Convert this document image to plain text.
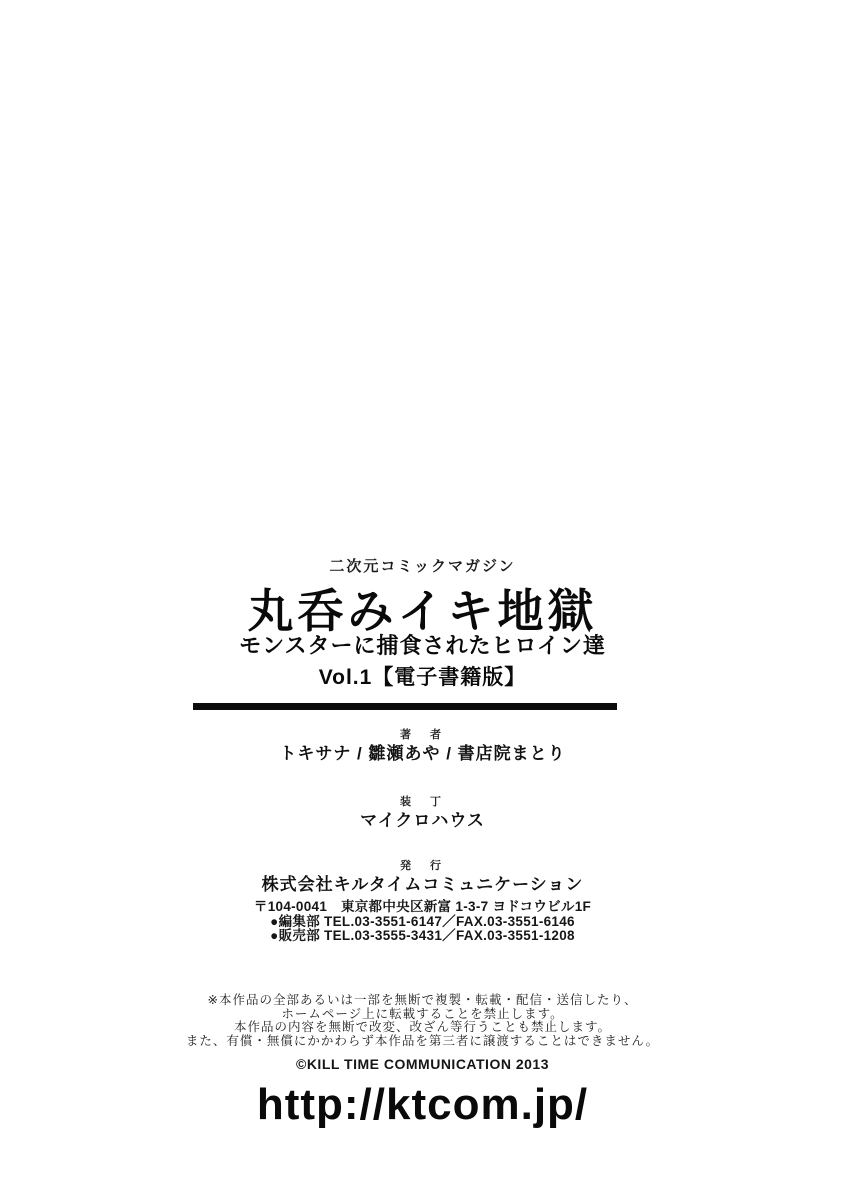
二次元コミックマガジン
丸呑みイキ地獄
モンスターに捕食されたヒロイン達
Vol.1【電子書籍版】
著　者
トキサナ / 雛瀬あや / 書店院まとり
装　丁
マイクロハウス
発　行
株式会社キルタイムコミュニケーション
〒104-0041　東京都中央区新富 1-3-7 ヨドコウビル1F
●編集部 TEL.03-3551-6147／FAX.03-3551-6146
●販売部 TEL.03-3555-3431／FAX.03-3551-1208
※本作品の全部あるいは一部を無断で複製・転載・配信・送信したり、
ホームページ上に転載することを禁止します。
本作品の内容を無断で改変、改ざん等行うことも禁止します。
また、有償・無償にかかわらず本作品を第三者に譲渡することはできません。
©KILL TIME COMMUNICATION 2013
http://ktcom.jp/
